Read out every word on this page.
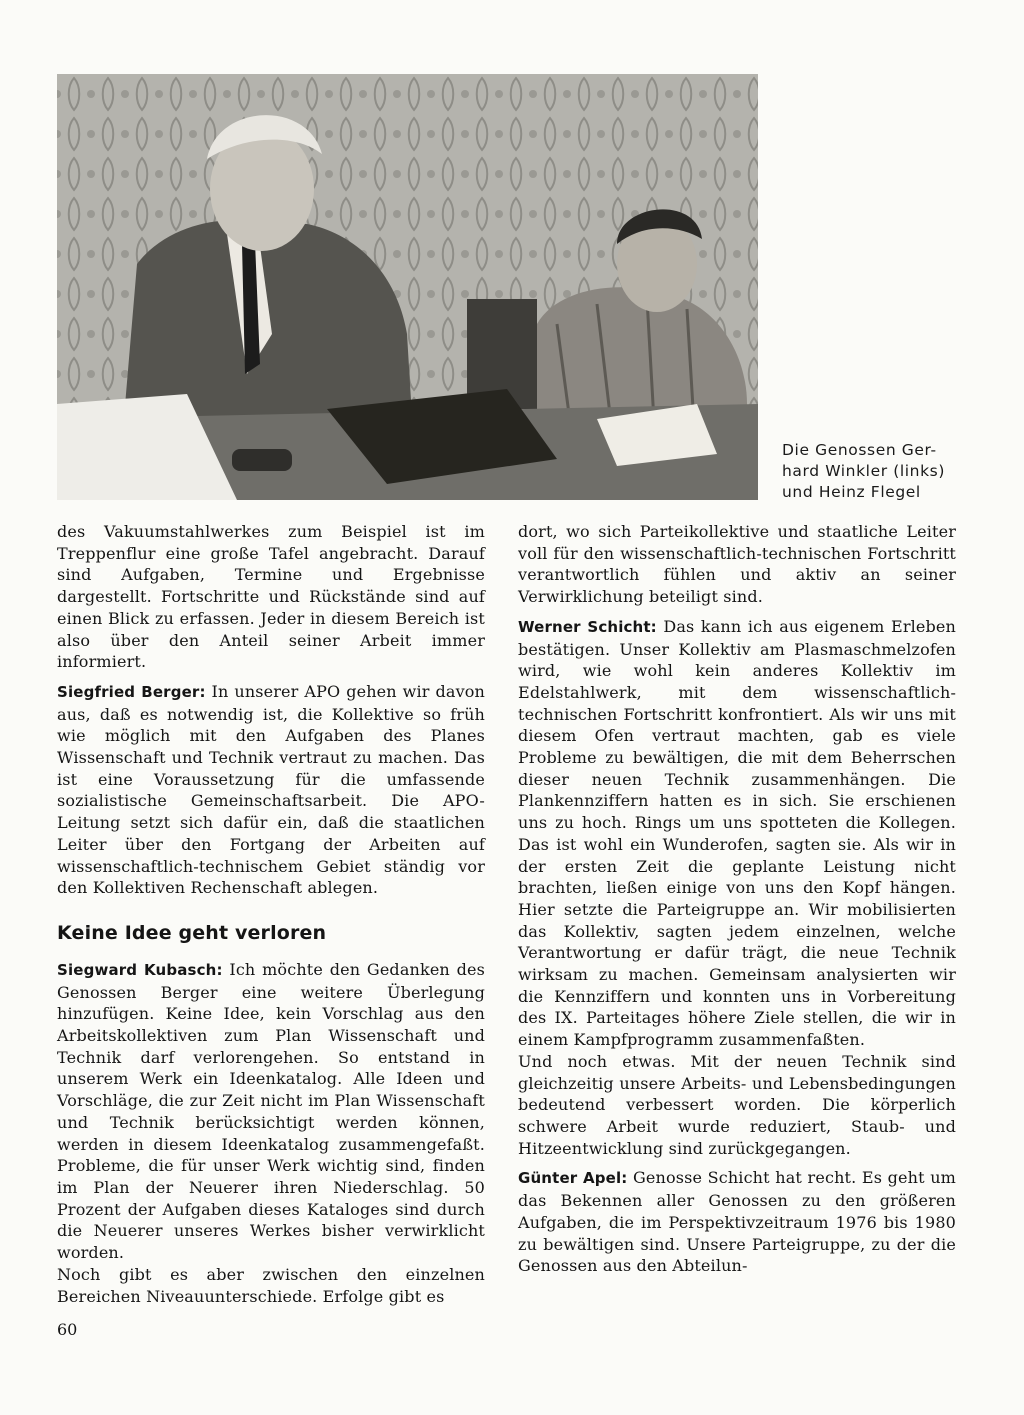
Die Genossen Ger-
hard Winkler (links)
und Heinz Flegel

des Vakuumstahlwerkes zum Beispiel ist im Treppenflur eine große Tafel angebracht. Darauf sind Aufgaben, Termine und Ergebnisse dargestellt. Fortschritte und Rückstände sind auf einen Blick zu erfassen. Jeder in diesem Bereich ist also über den Anteil seiner Arbeit immer informiert.

Siegfried Berger: In unserer APO gehen wir davon aus, daß es notwendig ist, die Kollektive so früh wie möglich mit den Aufgaben des Planes Wissenschaft und Technik vertraut zu machen. Das ist eine Voraussetzung für die umfassende sozialistische Gemeinschaftsarbeit. Die APO-Leitung setzt sich dafür ein, daß die staatlichen Leiter über den Fortgang der Arbeiten auf wissenschaftlich-technischem Gebiet ständig vor den Kollektiven Rechenschaft ablegen.

Keine Idee geht verloren

Siegward Kubasch: Ich möchte den Gedanken des Genossen Berger eine weitere Überlegung hinzufügen. Keine Idee, kein Vorschlag aus den Arbeitskollektiven zum Plan Wissenschaft und Technik darf verlorengehen. So entstand in unserem Werk ein Ideenkatalog. Alle Ideen und Vorschläge, die zur Zeit nicht im Plan Wissenschaft und Technik berücksichtigt werden können, werden in diesem Ideenkatalog zusammengefaßt. Probleme, die für unser Werk wichtig sind, finden im Plan der Neuerer ihren Niederschlag. 50 Prozent der Aufgaben dieses Kataloges sind durch die Neuerer unseres Werkes bisher verwirklicht worden.

Noch gibt es aber zwischen den einzelnen Bereichen Niveauunterschiede. Erfolge gibt es

dort, wo sich Parteikollektive und staatliche Leiter voll für den wissenschaftlich-technischen Fortschritt verantwortlich fühlen und aktiv an seiner Verwirklichung beteiligt sind.

Werner Schicht: Das kann ich aus eigenem Erleben bestätigen. Unser Kollektiv am Plasmaschmelzofen wird, wie wohl kein anderes Kollektiv im Edelstahlwerk, mit dem wissenschaftlich-technischen Fortschritt konfrontiert. Als wir uns mit diesem Ofen vertraut machten, gab es viele Probleme zu bewältigen, die mit dem Beherrschen dieser neuen Technik zusammenhängen. Die Plankennziffern hatten es in sich. Sie erschienen uns zu hoch. Rings um uns spotteten die Kollegen. Das ist wohl ein Wunderofen, sagten sie. Als wir in der ersten Zeit die geplante Leistung nicht brachten, ließen einige von uns den Kopf hängen. Hier setzte die Parteigruppe an. Wir mobilisierten das Kollektiv, sagten jedem einzelnen, welche Verantwortung er dafür trägt, die neue Technik wirksam zu machen. Gemeinsam analysierten wir die Kennziffern und konnten uns in Vorbereitung des IX. Parteitages höhere Ziele stellen, die wir in einem Kampfprogramm zusammenfaßten.

Und noch etwas. Mit der neuen Technik sind gleichzeitig unsere Arbeits- und Lebensbedingungen bedeutend verbessert worden. Die körperlich schwere Arbeit wurde reduziert, Staub- und Hitzeentwicklung sind zurückgegangen.

Günter Apel: Genosse Schicht hat recht. Es geht um das Bekennen aller Genossen zu den größeren Aufgaben, die im Perspektivzeitraum 1976 bis 1980 zu bewältigen sind. Unsere Parteigruppe, zu der die Genossen aus den Abteilun-

60
